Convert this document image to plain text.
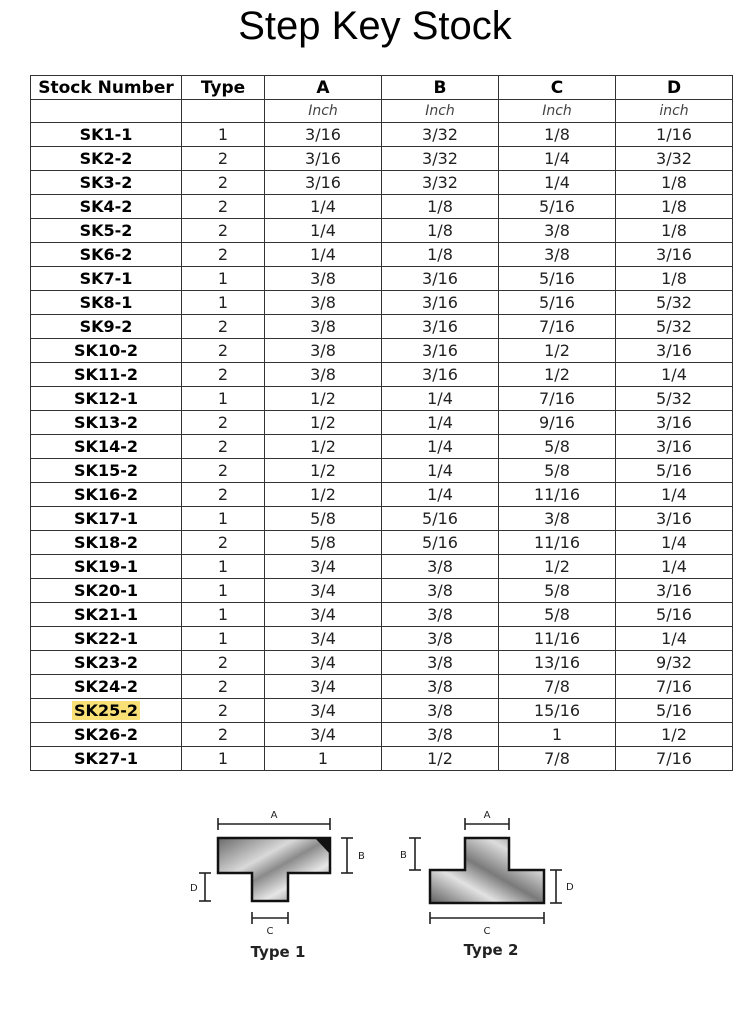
Step Key Stock
Stock Number	Type	A	B	C	D
		Inch	Inch	Inch	inch
SK1-1	1	3/16	3/32	1/8	1/16
SK2-2	2	3/16	3/32	1/4	3/32
SK3-2	2	3/16	3/32	1/4	1/8
SK4-2	2	1/4	1/8	5/16	1/8
SK5-2	2	1/4	1/8	3/8	1/8
SK6-2	2	1/4	1/8	3/8	3/16
SK7-1	1	3/8	3/16	5/16	1/8
SK8-1	1	3/8	3/16	5/16	5/32
SK9-2	2	3/8	3/16	7/16	5/32
SK10-2	2	3/8	3/16	1/2	3/16
SK11-2	2	3/8	3/16	1/2	1/4
SK12-1	1	1/2	1/4	7/16	5/32
SK13-2	2	1/2	1/4	9/16	3/16
SK14-2	2	1/2	1/4	5/8	3/16
SK15-2	2	1/2	1/4	5/8	5/16
SK16-2	2	1/2	1/4	11/16	1/4
SK17-1	1	5/8	5/16	3/8	3/16
SK18-2	2	5/8	5/16	11/16	1/4
SK19-1	1	3/4	3/8	1/2	1/4
SK20-1	1	3/4	3/8	5/8	3/16
SK21-1	1	3/4	3/8	5/8	5/16
SK22-1	1	3/4	3/8	11/16	1/4
SK23-2	2	3/4	3/8	13/16	9/32
SK24-2	2	3/4	3/8	7/8	7/16
SK25-2	2	3/4	3/8	15/16	5/16
SK26-2	2	3/4	3/8	1	1/2
SK27-1	1	1	1/2	7/8	7/16
A
B
D
C
Type 1
A
B
D
C
Type 2
